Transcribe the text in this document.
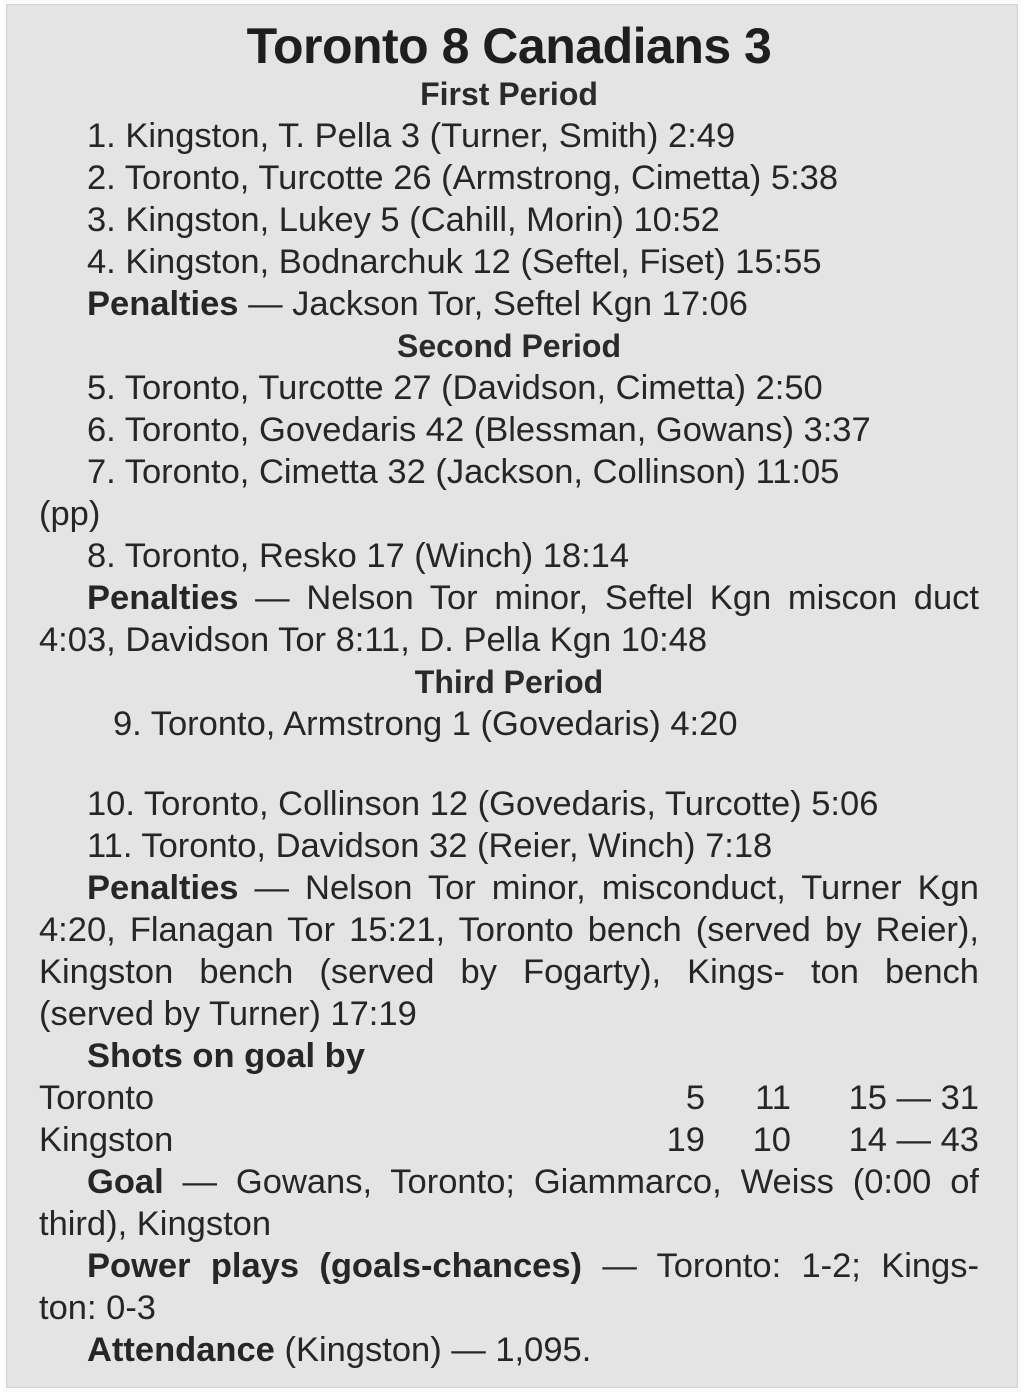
Toronto 8 Canadians 3
First Period
1. Kingston, T. Pella 3 (Turner, Smith) 2:49
2. Toronto, Turcotte 26 (Armstrong, Cimetta) 5:38
3. Kingston, Lukey 5 (Cahill, Morin) 10:52
4. Kingston, Bodnarchuk 12 (Seftel, Fiset) 15:55
Penalties — Jackson Tor, Seftel Kgn 17:06
Second Period
5. Toronto, Turcotte 27 (Davidson, Cimetta) 2:50
6. Toronto, Govedaris 42 (Blessman, Gowans) 3:37
7. Toronto, Cimetta 32 (Jackson, Collinson) 11:05
(pp)
8. Toronto, Resko 17 (Winch) 18:14
Penalties — Nelson Tor minor, Seftel Kgn miscon duct 4:03, Davidson Tor 8:11, D. Pella Kgn 10:48
Third Period
9. Toronto, Armstrong 1 (Govedaris) 4:20
10. Toronto, Collinson 12 (Govedaris, Turcotte) 5:06
11. Toronto, Davidson 32 (Reier, Winch) 7:18
Penalties — Nelson Tor minor, misconduct, Turner Kgn 4:20, Flanagan Tor 15:21, Toronto bench (served by Reier), Kingston bench (served by Fogarty), Kings- ton bench (served by Turner) 17:19
Shots on goal by
Toronto	5	11	15 — 31
Kingston	19	10	14 — 43
Goal — Gowans, Toronto; Giammarco, Weiss (0:00 of third), Kingston
Power plays (goals-chances) — Toronto: 1-2; Kings- ton: 0-3
Attendance (Kingston) — 1,095.
